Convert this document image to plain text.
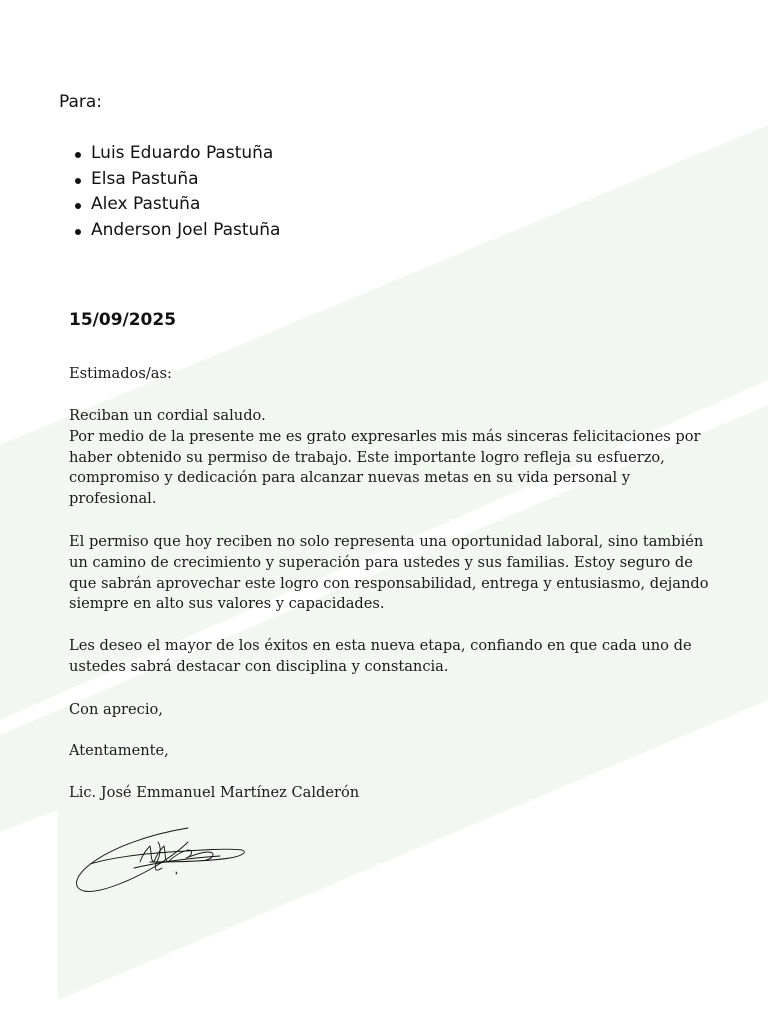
Para:
Luis Eduardo Pastuña
Elsa Pastuña
Alex Pastuña
Anderson Joel Pastuña
15/09/2025
Estimados/as:
Reciban un cordial saludo.
Por medio de la presente me es grato expresarles mis más sinceras felicitaciones por haber obtenido su permiso de trabajo. Este importante logro refleja su esfuerzo, compromiso y dedicación para alcanzar nuevas metas en su vida personal y profesional.
El permiso que hoy reciben no solo representa una oportunidad laboral, sino también un camino de crecimiento y superación para ustedes y sus familias. Estoy seguro de que sabrán aprovechar este logro con responsabilidad, entrega y entusiasmo, dejando siempre en alto sus valores y capacidades.
Les deseo el mayor de los éxitos en esta nueva etapa, confiando en que cada uno de ustedes sabrá destacar con disciplina y constancia.
Con aprecio,
Atentamente,
Lic. José Emmanuel Martínez Calderón
